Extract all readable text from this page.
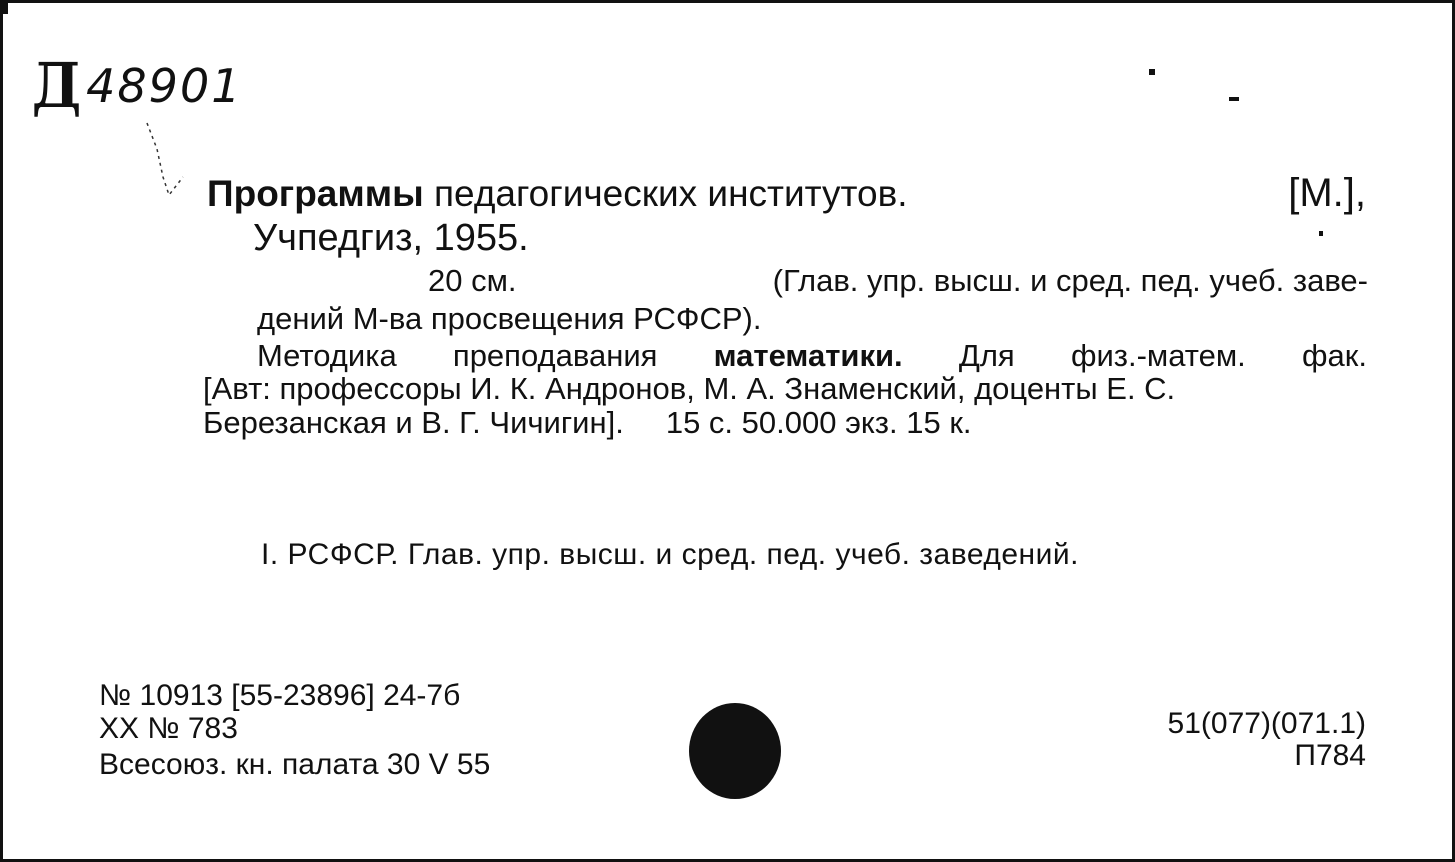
Д 48901
Программы педагогических институтов.	[М.],
Учпедгиз, 1955.
20 см.	(Глав. упр. высш. и сред. пед. учеб. заве-
дений М-ва просвещения РСФСР).
Методика преподавания математики. Для физ.-матем. фак.
[Авт: профессоры И. К. Андронов, М. А. Знаменский, доценты Е. С.
Березанская и В. Г. Чичигин]. 15 с. 50.000 экз. 15 к.
I. РСФСР. Глав. упр. высш. и сред. пед. учеб. заведений.
№ 10913 [55-23896] 24-7б
XX № 783
Всесоюз. кн. палата 30 V 55
51(077)(071.1)
П784
